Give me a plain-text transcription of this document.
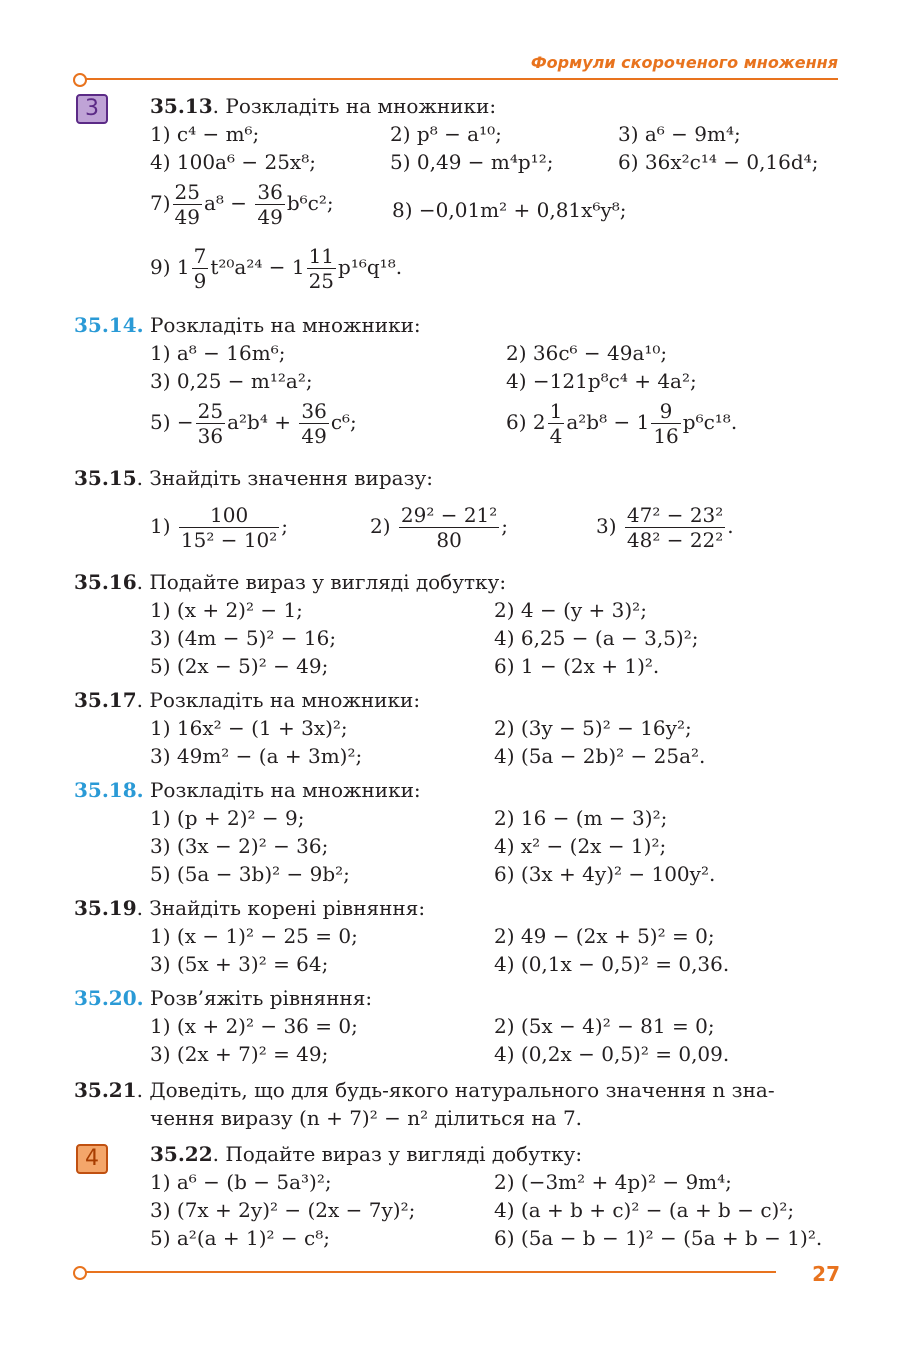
Формули скороченого множення
3	35.13. Розкладіть на множники:
1) c⁴ − m⁶;	2) p⁸ − a¹⁰;	3) a⁶ − 9m⁴;
4) 100a⁶ − 25x⁸;	5) 0,49 − m⁴p¹²;	6) 36x²c¹⁴ − 0,16d⁴;
$7) \frac{25}{49} a^8 - \frac{36}{49} b^6c^2$;	8) −0,01m² + 0,81x⁶y⁸;
9) $1 \frac{7}{9} t^{20}a^{24} - 1 \frac{11}{25} p^{16}q^{18}$.
35.14. Розкладіть на множники:
1) a⁸ − 16m⁶;	2) 36c⁶ − 49a¹⁰;
3) 0,25 − m¹²a²;	4) −121p⁸c⁴ + 4a²;
$5) - \frac{25}{36} a^2b^4 + \frac{36}{49} c^6$;	6) $2 \frac{1}{4} a^2b^8 - 1 \frac{9}{16} p^6c^{18}$.
35.15. Знайдіть значення виразу:
$1) \frac{100}{\text{15² − 10²}}$ ;	$2) \frac{\text{29² − 21²}}{80}$ ;	$3) \frac{\text{47² − 23²}}{\text{48² − 22²}}$ .
35.16. Подайте вираз у вигляді добутку:
1) (x + 2)² − 1;	2) 4 − (y + 3)²;
3) (4m − 5)² − 16;	4) 6,25 − (a − 3,5)²;
5) (2x − 5)² − 49;	6) 1 − (2x + 1)².
35.17. Розкладіть на множники:
1) 16x² − (1 + 3x)²;	2) (3y − 5)² − 16y²;
3) 49m² − (a + 3m)²;	4) (5a − 2b)² − 25a².
35.18. Розкладіть на множники:
1) (p + 2)² − 9;	2) 16 − (m − 3)²;
3) (3x − 2)² − 36;	4) x² − (2x − 1)²;
5) (5a − 3b)² − 9b²;	6) (3x + 4y)² − 100y².
35.19. Знайдіть корені рівняння:
1) (x − 1)² − 25 = 0;	2) 49 − (2x + 5)² = 0;
3) (5x + 3)² = 64;	4) (0,1x − 0,5)² = 0,36.
35.20. Розв’яжіть рівняння:
1) (x + 2)² − 36 = 0;	2) (5x − 4)² − 81 = 0;
3) (2x + 7)² = 49;	4) (0,2x − 0,5)² = 0,09.
35.21. Доведіть, що для будь-якого натурального значення n зна-
чення виразу (n + 7)² − n² ділиться на 7.
4	35.22. Подайте вираз у вигляді добутку:
1) a⁶ − (b − 5a³)²;	2) (−3m² + 4p)² − 9m⁴;
3) (7x + 2y)² − (2x − 7y)²;	4) (a + b + c)² − (a + b − c)²;
5) a²(a + 1)² − c⁸;	6) (5a − b − 1)² − (5a + b − 1)².
27
